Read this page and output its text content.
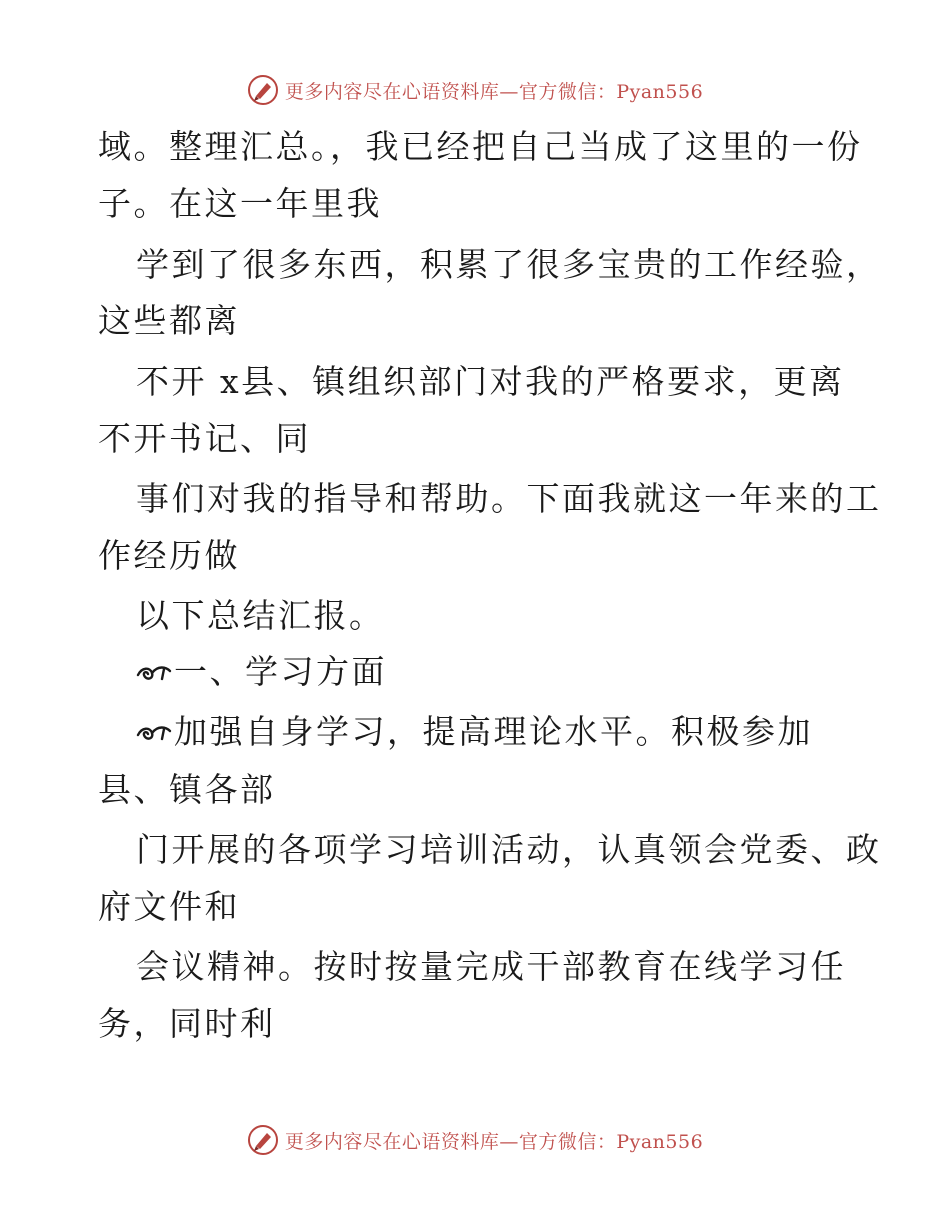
更多内容尽在心语资料库—官方微信：Pyan556
域。整理汇总。，我已经把自己当成了这里的一份
子。在这一年里我
学到了很多东西，积累了很多宝贵的工作经验，
这些都离
不开 x县、镇组织部门对我的严格要求，更离
不开书记、同
事们对我的指导和帮助。下面我就这一年来的工
作经历做
以下总结汇报。
一、学习方面
加强自身学习，提高理论水平。积极参加
县、镇各部
门开展的各项学习培训活动，认真领会党委、政
府文件和
会议精神。按时按量完成干部教育在线学习任
务，同时利
更多内容尽在心语资料库—官方微信：Pyan556
